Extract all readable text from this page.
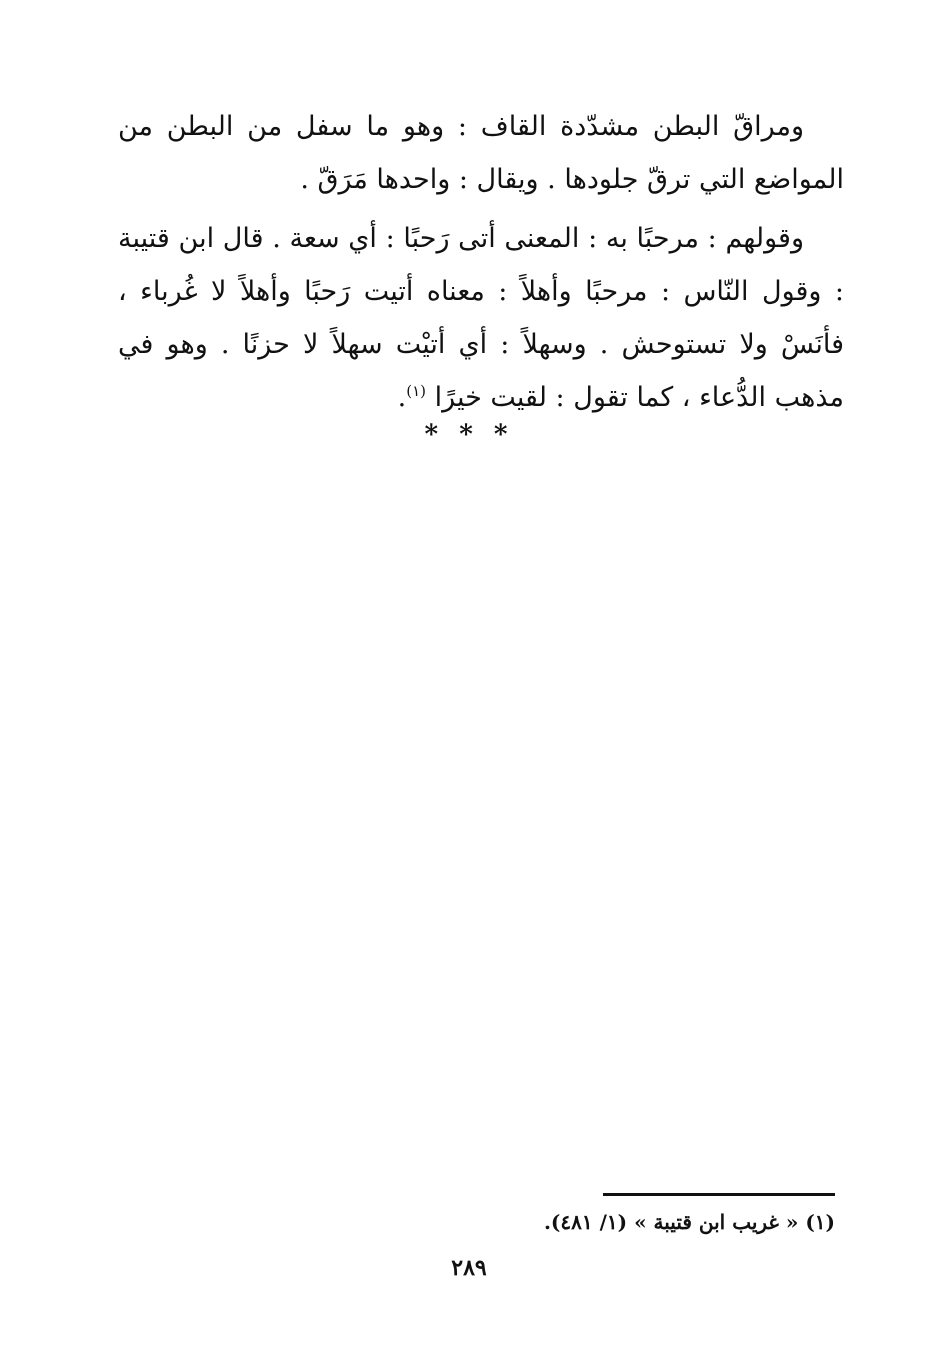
ومراقّ البطن مشدّدة القاف : وهو ما سفل من البطن من المواضع التي ترقّ جلودها . ويقال : واحدها مَرَقّ .

وقولهم : مرحبًا به : المعنى أتى رَحبًا : أي سعة . قال ابن قتيبة : وقول النّاس : مرحبًا وأهلاً : معناه أتيت رَحبًا وأهلاً لا غُرباء ، فأنَسْ ولا تستوحش . وسهلاً : أي أتيْت سهلاً لا حزنًا . وهو في مذهب الدُّعاء ، كما تقول : لقيت خيرًا $^{(١)}$.

* * *
(١) « غريب ابن قتيبة » (١/ ٤٨١).
٢٨٩
